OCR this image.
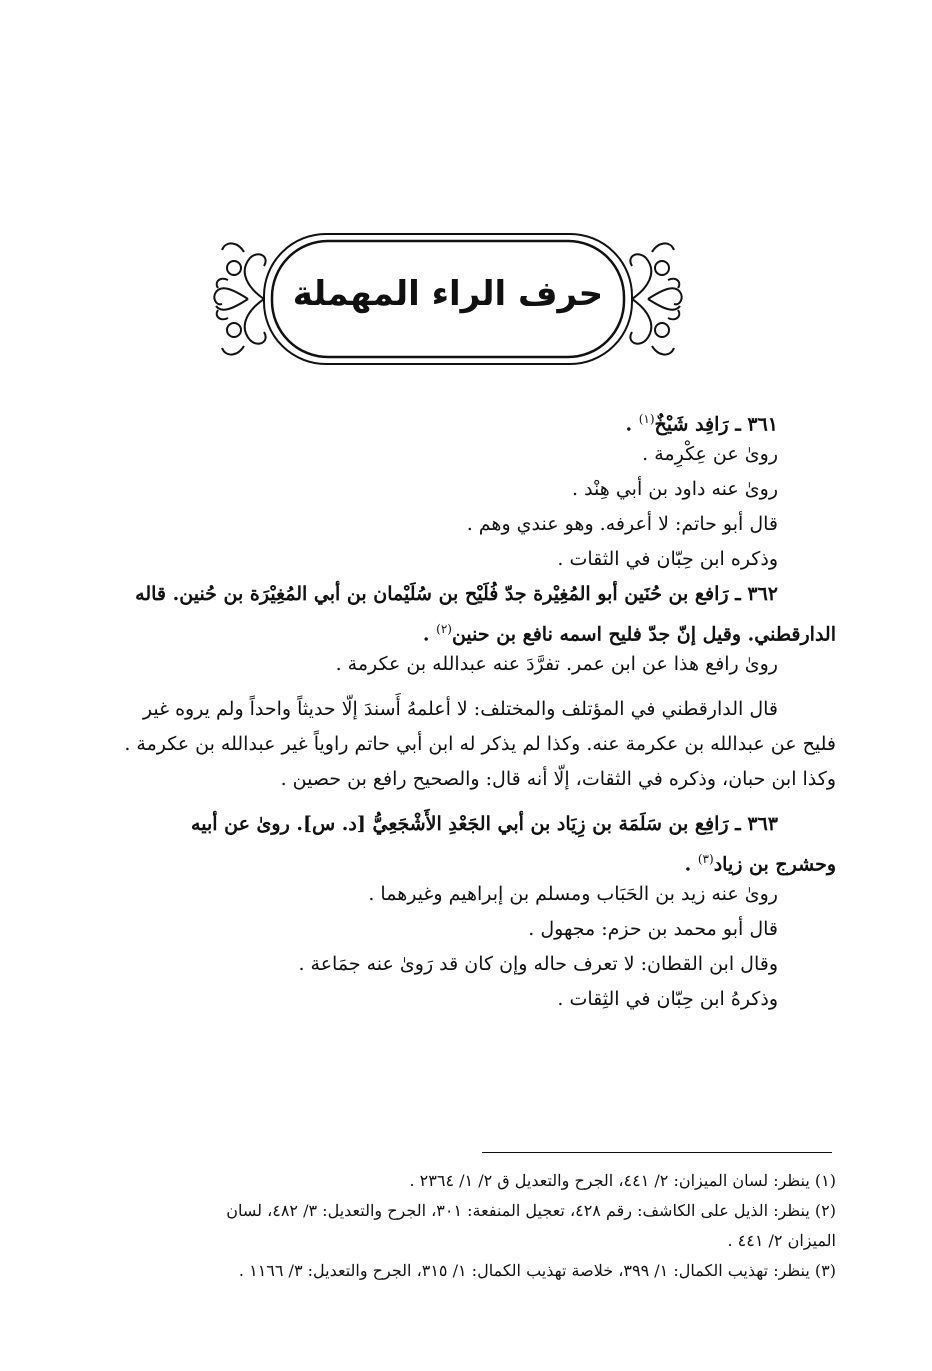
حرف الراء المهملة
٣٦١ ـ رَافِد شَيْخٌ$^{(١)}$ .
روىٰ عن عِكْرِمة .
روىٰ عنه داود بن أبي هِنْد .
قال أبو حاتم: لا أعرفه. وهو عندي وهم .
وذكره ابن حِبّان في الثقات .
٣٦٢ ـ رَافع بن حُنَين أبو المُغِيْرة جدّ فُلَيْح بن سُلَيْمان بن أبي المُغِيْرَة بن حُنين. قاله
الدارقطني. وقيل إنّ جدّ فليح اسمه نافع بن حنين$^{(٢)}$ .
روىٰ رافع هذا عن ابن عمر. تفرَّدَ عنه عبدالله بن عكرمة .
قال الدارقطني في المؤتلف والمختلف: لا أعلمهُ أَسندَ إلّا حديثاً واحداً ولم يروه غير
فليح عن عبدالله بن عكرمة عنه. وكذا لم يذكر له ابن أبي حاتم راوياً غير عبدالله بن عكرمة .
وكذا ابن حبان، وذكره في الثقات، إلّا أنه قال: والصحيح رافع بن حصين .
٣٦٣ ـ رَافِع بن سَلَمَة بن زِيَاد بن أبي الجَعْدِ الأَشْجَعِيُّ [د. س]. روىٰ عن أبيه
وحشرج بن زياد$^{(٣)}$ .
روىٰ عنه زيد بن الحَبَاب ومسلم بن إبراهيم وغيرهما .
قال أبو محمد بن حزم: مجهول .
وقال ابن القطان: لا تعرف حاله وإن كان قد رَوىٰ عنه جمَاعة .
وذكرهُ ابن حِبّان في الثِقات .
(١) ينظر: لسان الميزان: ٢/ ٤٤١، الجرح والتعديل ق ٢/ ١/ ٢٣٦٤ .
(٢) ينظر: الذيل على الكاشف: رقم ٤٢٨، تعجيل المنفعة: ٣٠١، الجرح والتعديل: ٣/ ٤٨٢، لسان
الميزان ٢/ ٤٤١ .
(٣) ينظر: تهذيب الكمال: ١/ ٣٩٩، خلاصة تهذيب الكمال: ١/ ٣١٥، الجرح والتعديل: ٣/ ١١٦٦ .
